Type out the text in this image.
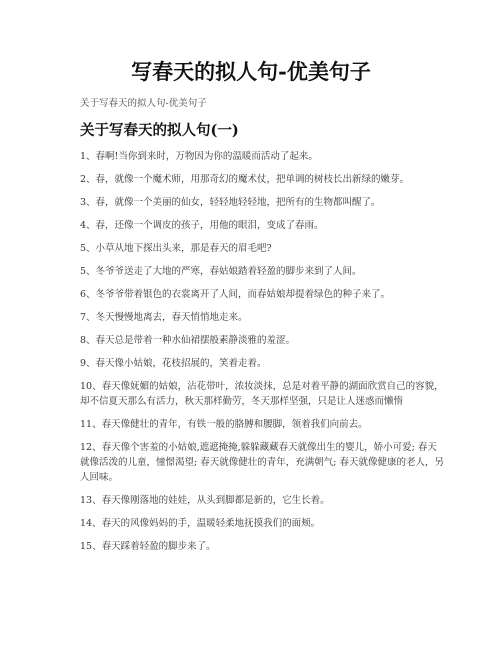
写春天的拟人句-优美句子
关于写春天的拟人句-优美句子
关于写春天的拟人句(一)

1、春啊!当你到来时，万物因为你的温暖而活动了起来。

2、春，就像一个魔术师，用那奇幻的魔术仗，把单调的树枝长出新绿的嫩芽。

3、春，就像一个美丽的仙女，轻轻地轻轻地，把所有的生物都叫醒了。

4、春，还像一个调皮的孩子，用他的眼泪，变成了春雨。

5、小草从地下探出头来，那是春天的眉毛吧?

5、冬爷爷送走了大地的严寒，春姑娘踏着轻盈的脚步来到了人间。

6、冬爷爷带着银色的衣裳离开了人间，而春姑娘却提着绿色的种子来了。

7、冬天慢慢地离去，春天悄悄地走来。

8、春天总是带着一种水仙裙摆般素静淡雅的羞涩。

9、春天像小姑娘，花枝招展的，笑着走着。

10、春天像妩媚的姑娘，沾花带叶，浓妆淡抹，总是对着平静的湖面欣赏自己的容貌，却不信夏天那么有活力，秋天那样勤劳，冬天那样坚强，只是让人迷惑而懒惰

11、春天像健壮的青年，有铁一般的胳膊和腰脚，领着我们向前去。

12、春天像个害羞的小姑娘,遮遮掩掩,躲躲藏藏春天就像出生的婴儿，娇小可爱; 春天就像活泼的儿童，憧憬渴望; 春天就像健壮的青年，充满朝气; 春天就像健康的老人，另人回味。

13、春天像刚落地的娃娃，从头到脚都是新的，它生长着。

14、春天的风像妈妈的手，温暖轻柔地抚摸我们的面颊。

15、春天踩着轻盈的脚步来了。
